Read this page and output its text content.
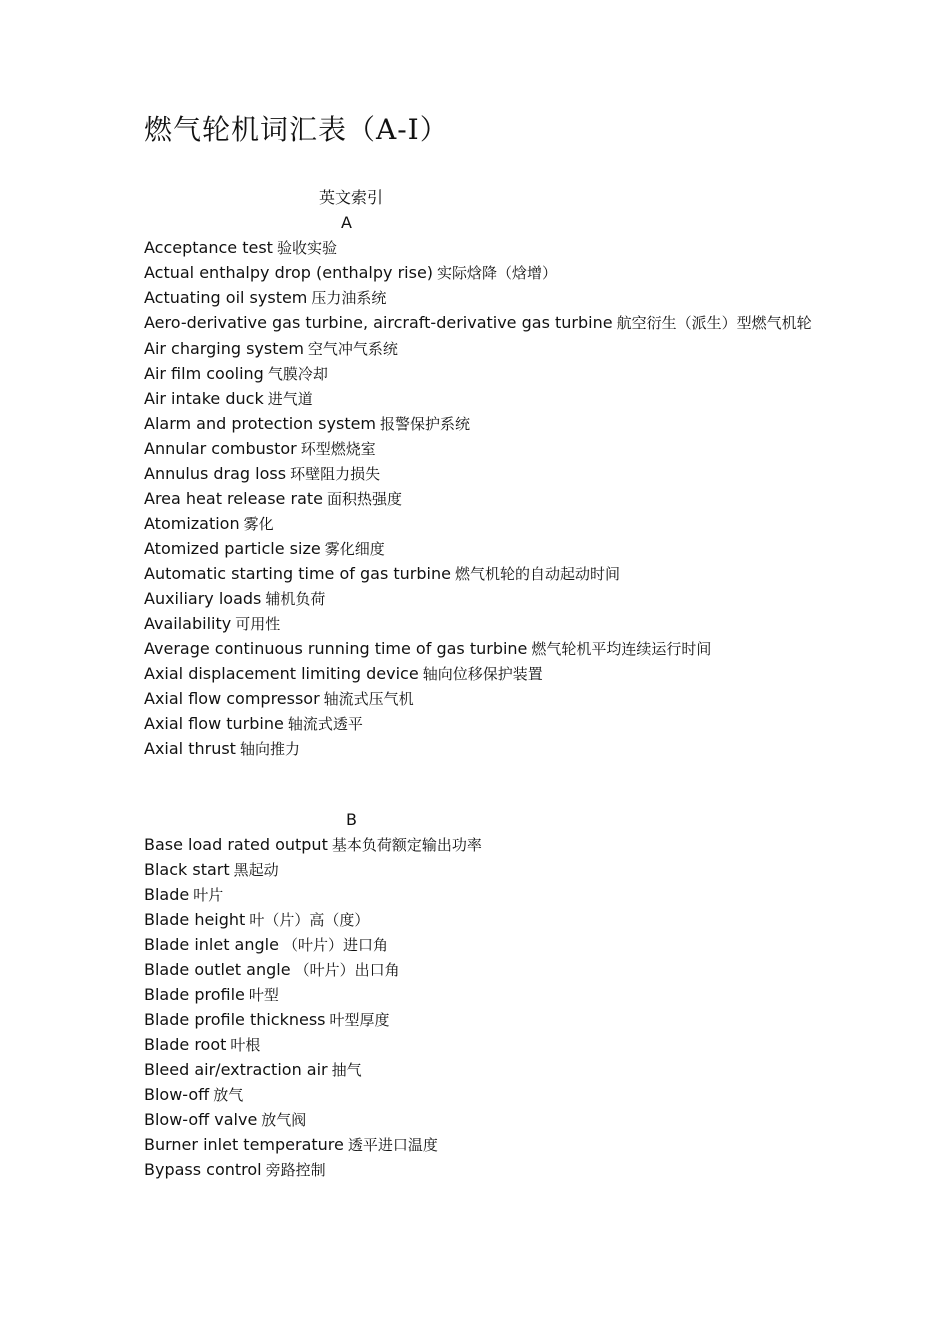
燃气轮机词汇表（A-I）
英文索引
A
Acceptance test 验收实验
Actual enthalpy drop (enthalpy rise) 实际焓降（焓增）
Actuating oil system 压力油系统
Aero-derivative gas turbine, aircraft-derivative gas turbine 航空衍生（派生）型燃气机轮
Air charging system 空气冲气系统
Air film cooling 气膜冷却
Air intake duck 进气道
Alarm and protection system 报警保护系统
Annular combustor 环型燃烧室
Annulus drag loss 环壁阻力损失
Area heat release rate 面积热强度
Atomization 雾化
Atomized particle size 雾化细度
Automatic starting time of gas turbine 燃气机轮的自动起动时间
Auxiliary loads 辅机负荷
Availability 可用性
Average continuous running time of gas turbine 燃气轮机平均连续运行时间
Axial displacement limiting device 轴向位移保护装置
Axial flow compressor 轴流式压气机
Axial flow turbine 轴流式透平
Axial thrust 轴向推力
B
Base load rated output 基本负荷额定输出功率
Black start 黑起动
Blade 叶片
Blade height 叶（片）高（度）
Blade inlet angle （叶片）进口角
Blade outlet angle （叶片）出口角
Blade profile 叶型
Blade profile thickness 叶型厚度
Blade root 叶根
Bleed air/extraction air 抽气
Blow-off 放气
Blow-off valve 放气阀
Burner inlet temperature 透平进口温度
Bypass control 旁路控制
